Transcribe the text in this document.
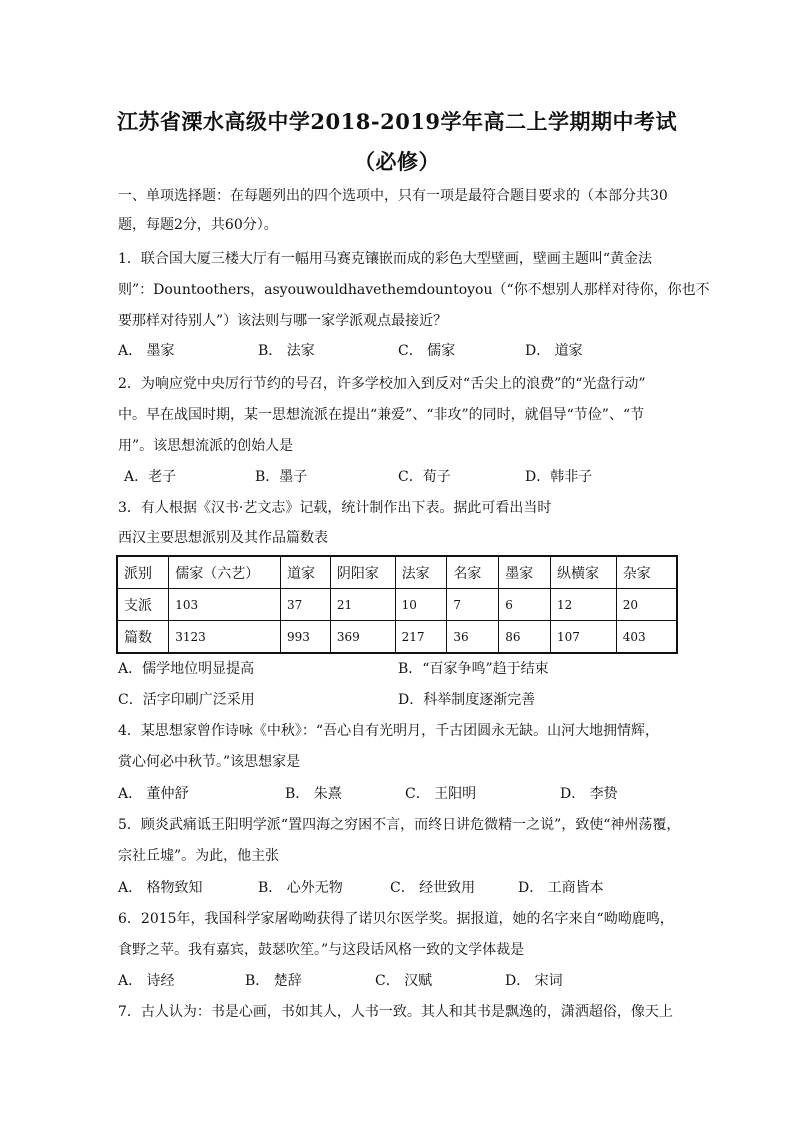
江苏省溧水高级中学2018-2019学年高二上学期期中考试
（必修）
一、单项选择题：在每题列出的四个选项中，只有一项是最符合题目要求的（本部分共30
题，每题2分，共60分）。
1．联合国大厦三楼大厅有一幅用马赛克镶嵌而成的彩色大型壁画，壁画主题叫“黄金法
则”：Dountoothers，asyouwouldhavethemdountoyou（“你不想别人那样对待你，你也不
要那样对待别人”）该法则与哪一家学派观点最接近？
A． 墨家	B． 法家	C． 儒家	D． 道家
2．为响应党中央厉行节约的号召，许多学校加入到反对“舌尖上的浪费”的“光盘行动”
中。早在战国时期，某一思想流派在提出“兼爱”、“非攻”的同时，就倡导“节俭”、“节
用”。该思想流派的创始人是
A．老子	B．墨子	C．荀子	D．韩非子
3．有人根据《汉书·艺文志》记载，统计制作出下表。据此可看出当时
西汉主要思想派别及其作品篇数表
派别	儒家（六艺）	道家	阴阳家	法家	名家	墨家	纵横家	杂家
支派	103	37	21	10	7	6	12	20
篇数	3123	993	369	217	36	86	107	403
A．儒学地位明显提高	B．“百家争鸣”趋于结束
C．活字印刷广泛采用	D．科举制度逐渐完善
4．某思想家曾作诗咏《中秋》：“吾心自有光明月，千古团圆永无缺。山河大地拥情辉，
赏心何必中秋节。”该思想家是
A． 董仲舒	B． 朱熹	C． 王阳明	D． 李贽
5．顾炎武痛诋王阳明学派“置四海之穷困不言，而终日讲危微精一之说”，致使“神州荡覆，
宗社丘墟”。为此，他主张
A． 格物致知	B． 心外无物	C． 经世致用	D． 工商皆本
6．2015年，我国科学家屠呦呦获得了诺贝尔医学奖。据报道，她的名字来自“呦呦鹿鸣，
食野之苹。我有嘉宾，鼓瑟吹笙。”与这段话风格一致的文学体裁是
A． 诗经	B． 楚辞	C． 汉赋	D． 宋词
7．古人认为：书是心画，书如其人，人书一致。其人和其书是飘逸的，潇洒超俗，像天上
